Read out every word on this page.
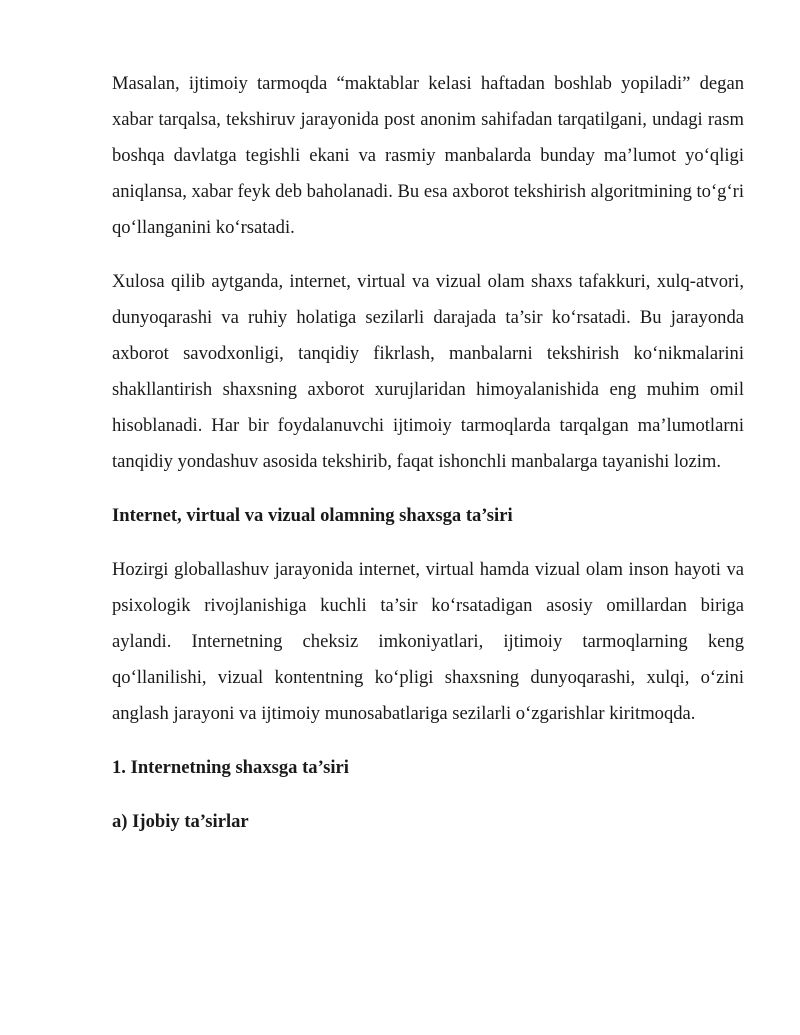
Masalan, ijtimoiy tarmoqda “maktablar kelasi haftadan boshlab yopiladi” degan xabar tarqalsa, tekshiruv jarayonida post anonim sahifadan tarqatilgani, undagi rasm boshqa davlatga tegishli ekani va rasmiy manbalarda bunday ma’lumot yo‘qligi aniqlansa, xabar feyk deb baholanadi. Bu esa axborot tekshirish algoritmining to‘g‘ri qo‘llanganini ko‘rsatadi.

Xulosa qilib aytganda, internet, virtual va vizual olam shaxs tafakkuri, xulq-atvori, dunyoqarashi va ruhiy holatiga sezilarli darajada ta’sir ko‘rsatadi. Bu jarayonda axborot savodxonligi, tanqidiy fikrlash, manbalarni tekshirish ko‘nikmalarini shakllantirish shaxsning axborot xurujlaridan himoyalanishida eng muhim omil hisoblanadi. Har bir foydalanuvchi ijtimoiy tarmoqlarda tarqalgan ma’lumotlarni tanqidiy yondashuv asosida tekshirib, faqat ishonchli manbalarga tayanishi lozim.

Internet, virtual va vizual olamning shaxsga ta’siri

Hozirgi globallashuv jarayonida internet, virtual hamda vizual olam inson hayoti va psixologik rivojlanishiga kuchli ta’sir ko‘rsatadigan asosiy omillardan biriga aylandi. Internetning cheksiz imkoniyatlari, ijtimoiy tarmoqlarning keng qo‘llanilishi, vizual kontentning ko‘pligi shaxsning dunyoqarashi, xulqi, o‘zini anglash jarayoni va ijtimoiy munosabatlariga sezilarli o‘zgarishlar kiritmoqda.

1. Internetning shaxsga ta’siri

a) Ijobiy ta’sirlar
